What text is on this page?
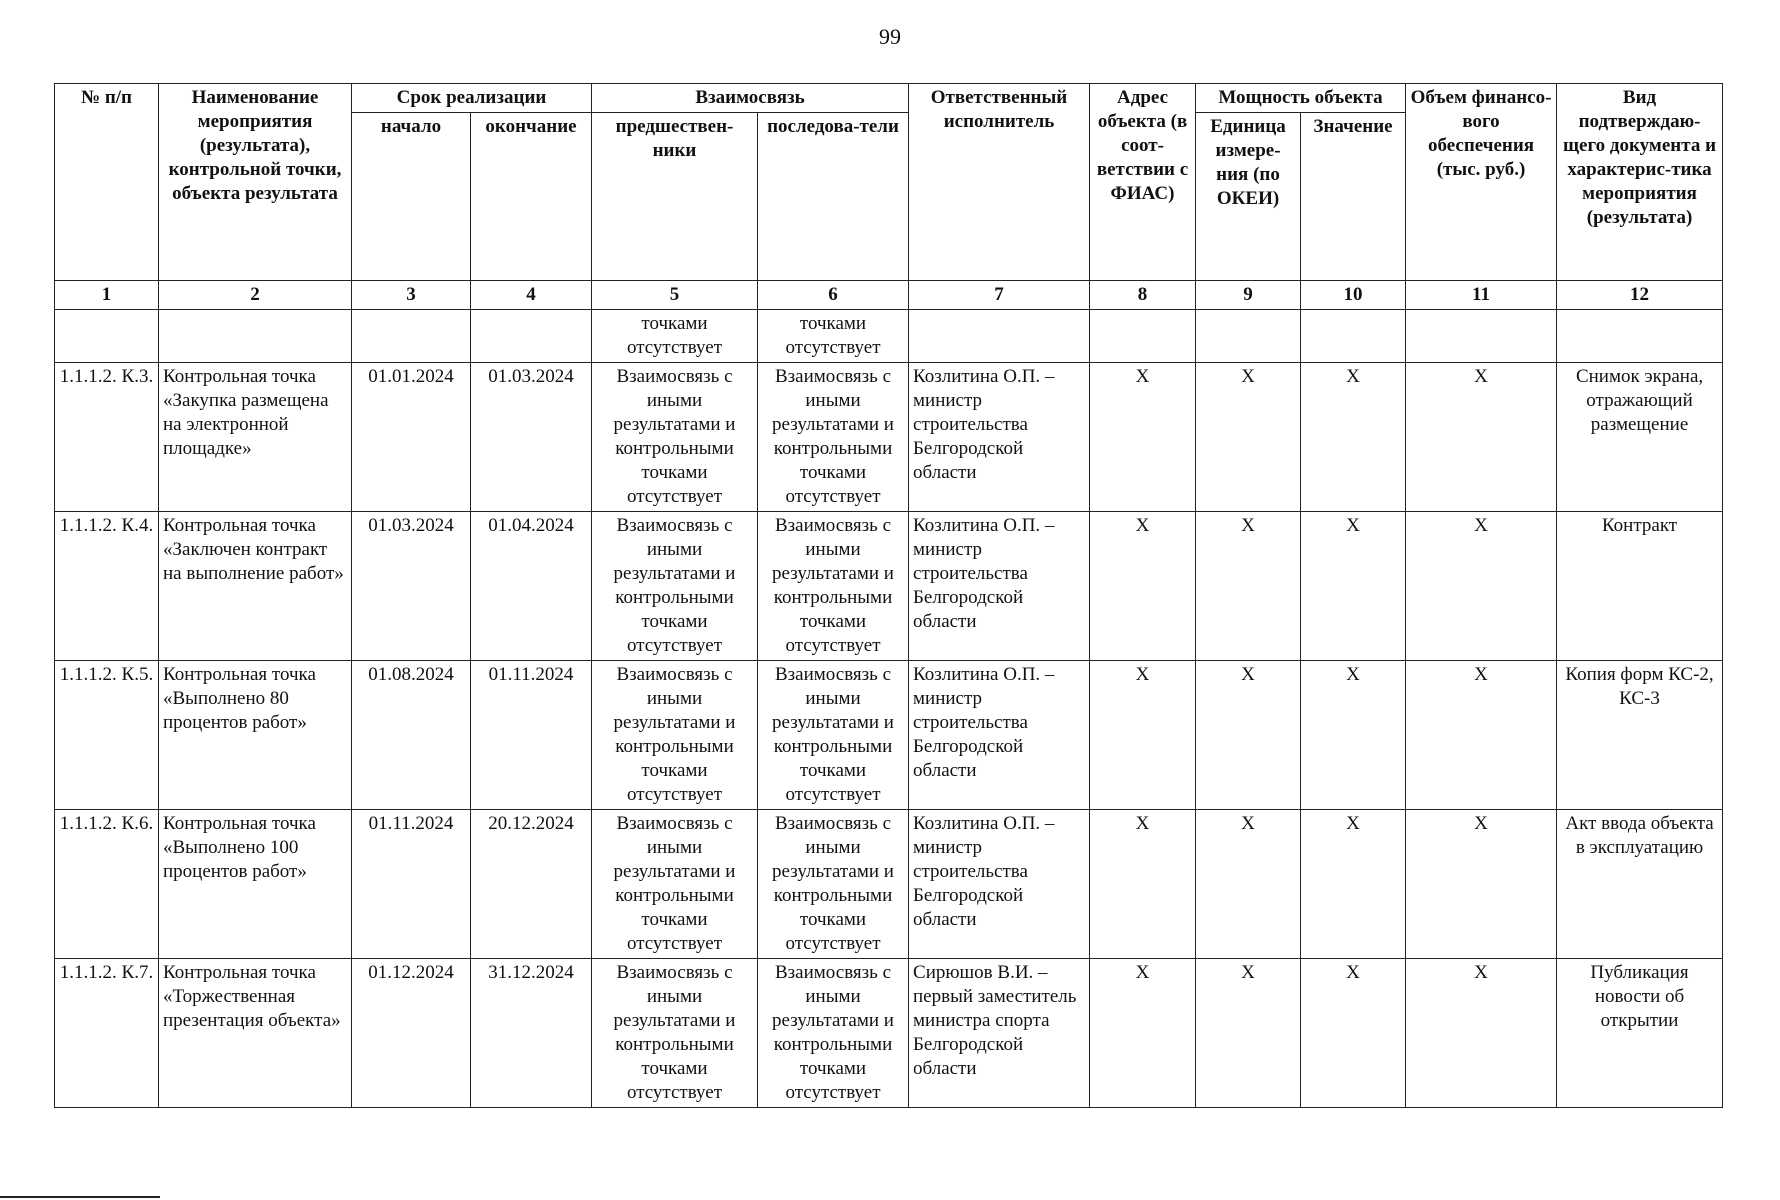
99
№ п/п	Наименование мероприятия (результата), контрольной точки, объекта результата	Срок реализации		Взаимосвязь		Ответственный исполнитель	Адрес объекта (в соот-ветствии с ФИАС)	Мощность объекта		Объем финансо-вого обеспечения (тыс. руб.)	Вид подтверждаю-щего документа и характерис-тика мероприятия (результата)
		начало	окончание	предшествен-ники	последова-тели			Единица измере-ния (по ОКЕИ)	Значение		
1	2	3	4	5	6	7	8	9	10	11	12
				точками отсутствует	точками отсутствует						
1.1.1.2. К.3.	Контрольная точка «Закупка размещена на электронной площадке»	01.01.2024	01.03.2024	Взаимосвязь с иными результатами и контрольными точками отсутствует	Взаимосвязь с иными результатами и контрольными точками отсутствует	Козлитина О.П. – министр строительства Белгородской области	X	X	X	X	Снимок экрана, отражающий размещение
1.1.1.2. К.4.	Контрольная точка «Заключен контракт на выполнение работ»	01.03.2024	01.04.2024	Взаимосвязь с иными результатами и контрольными точками отсутствует	Взаимосвязь с иными результатами и контрольными точками отсутствует	Козлитина О.П. – министр строительства Белгородской области	X	X	X	X	Контракт
1.1.1.2. К.5.	Контрольная точка «Выполнено 80 процентов работ»	01.08.2024	01.11.2024	Взаимосвязь с иными результатами и контрольными точками отсутствует	Взаимосвязь с иными результатами и контрольными точками отсутствует	Козлитина О.П. – министр строительства Белгородской области	X	X	X	X	Копия форм КС-2, КС-3
1.1.1.2. К.6.	Контрольная точка «Выполнено 100 процентов работ»	01.11.2024	20.12.2024	Взаимосвязь с иными результатами и контрольными точками отсутствует	Взаимосвязь с иными результатами и контрольными точками отсутствует	Козлитина О.П. – министр строительства Белгородской области	X	X	X	X	Акт ввода объекта в эксплуатацию
1.1.1.2. К.7.	Контрольная точка «Торжественная презентация объекта»	01.12.2024	31.12.2024	Взаимосвязь с иными результатами и контрольными точками отсутствует	Взаимосвязь с иными результатами и контрольными точками отсутствует	Сирюшов В.И. – первый заместитель министра спорта Белгородской области	X	X	X	X	Публикация новости об открытии
